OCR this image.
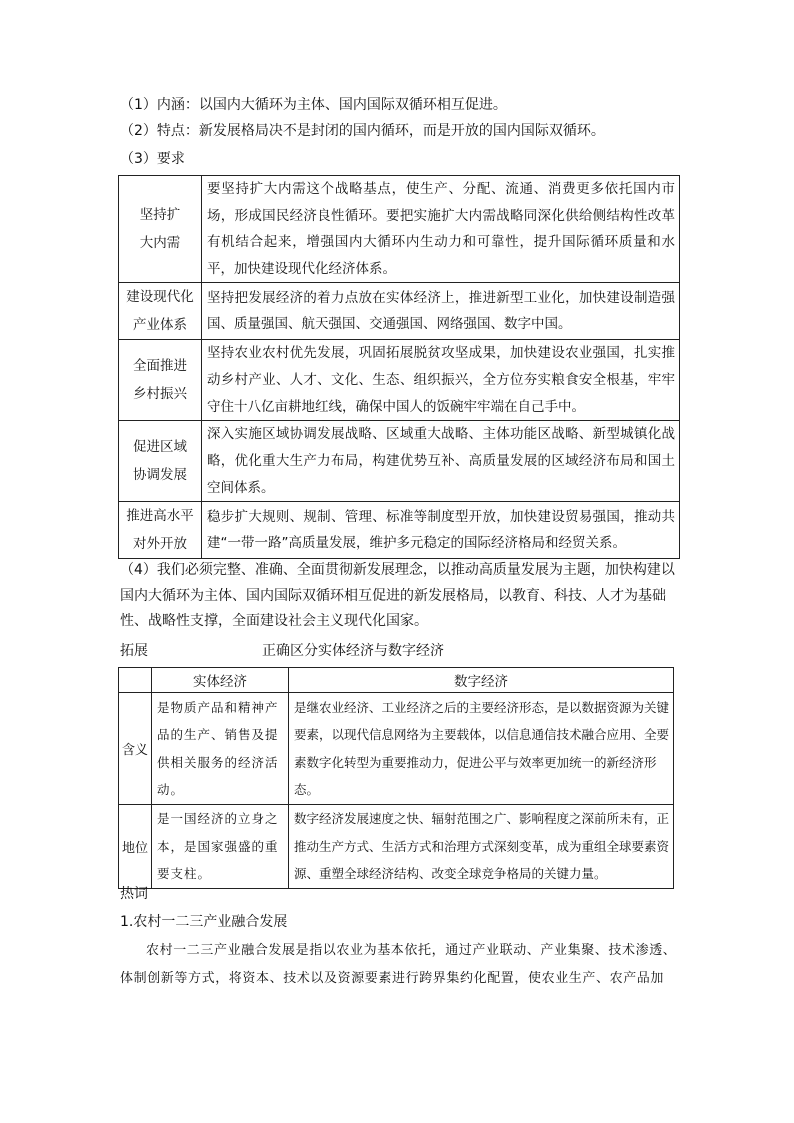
（1）内涵：以国内大循环为主体、国内国际双循环相互促进。
（2）特点：新发展格局决不是封闭的国内循环，而是开放的国内国际双循环。
（3）要求
坚持扩
大内需	要坚持扩大内需这个战略基点，使生产、分配、流通、消费更多依托国内市场，形成国民经济良性循环。要把实施扩大内需战略同深化供给侧结构性改革有机结合起来，增强国内大循环内生动力和可靠性，提升国际循环质量和水平，加快建设现代化经济体系。
建设现代化
产业体系	坚持把发展经济的着力点放在实体经济上，推进新型工业化，加快建设制造强国、质量强国、航天强国、交通强国、网络强国、数字中国。
全面推进
乡村振兴	坚持农业农村优先发展，巩固拓展脱贫攻坚成果，加快建设农业强国，扎实推动乡村产业、人才、文化、生态、组织振兴，全方位夯实粮食安全根基，牢牢守住十八亿亩耕地红线，确保中国人的饭碗牢牢端在自己手中。
促进区域
协调发展	深入实施区域协调发展战略、区域重大战略、主体功能区战略、新型城镇化战略，优化重大生产力布局，构建优势互补、高质量发展的区域经济布局和国土空间体系。
推进高水平
对外开放	稳步扩大规则、规制、管理、标准等制度型开放，加快建设贸易强国，推动共建“一带一路”高质量发展，维护多元稳定的国际经济格局和经贸关系。
（4）我们必须完整、准确、全面贯彻新发展理念，以推动高质量发展为主题，加快构建以国内大循环为主体、国内国际双循环相互促进的新发展格局，以教育、科技、人才为基础性、战略性支撑，全面建设社会主义现代化国家。
拓展	正确区分实体经济与数字经济
	实体经济	数字经济
含义	是物质产品和精神产品的生产、销售及提供相关服务的经济活动。	是继农业经济、工业经济之后的主要经济形态，是以数据资源为关键要素，以现代信息网络为主要载体，以信息通信技术融合应用、全要素数字化转型为重要推动力，促进公平与效率更加统一的新经济形态。
地位	是一国经济的立身之本，是国家强盛的重要支柱。	数字经济发展速度之快、辐射范围之广、影响程度之深前所未有，正推动生产方式、生活方式和治理方式深刻变革，成为重组全球要素资源、重塑全球经济结构、改变全球竞争格局的关键力量。
热词
1.农村一二三产业融合发展
农村一二三产业融合发展是指以农业为基本依托，通过产业联动、产业集聚、技术渗透、体制创新等方式，将资本、技术以及资源要素进行跨界集约化配置，使农业生产、农产品加
